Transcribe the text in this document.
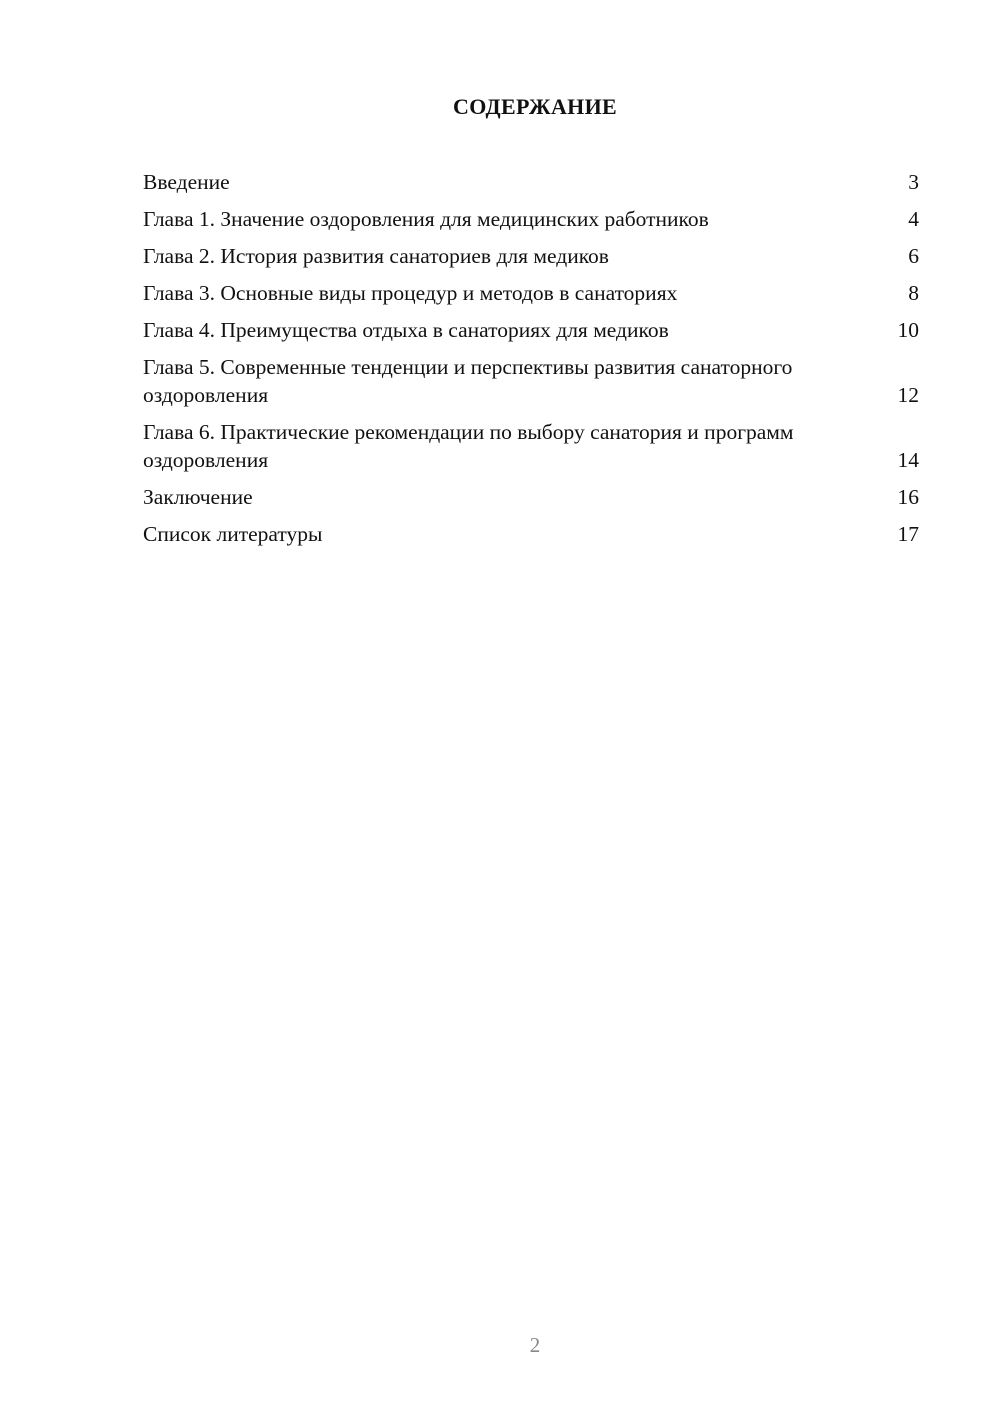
СОДЕРЖАНИЕ
Введение	3
Глава 1. Значение оздоровления для медицинских работников	4
Глава 2. История развития санаториев для медиков	6
Глава 3. Основные виды процедур и методов в санаториях	8
Глава 4. Преимущества отдыха в санаториях для медиков	10
Глава 5. Современные тенденции и перспективы развития санаторного оздоровления	12
Глава 6. Практические рекомендации по выбору санатория и программ оздоровления	14
Заключение	16
Список литературы	17
2
